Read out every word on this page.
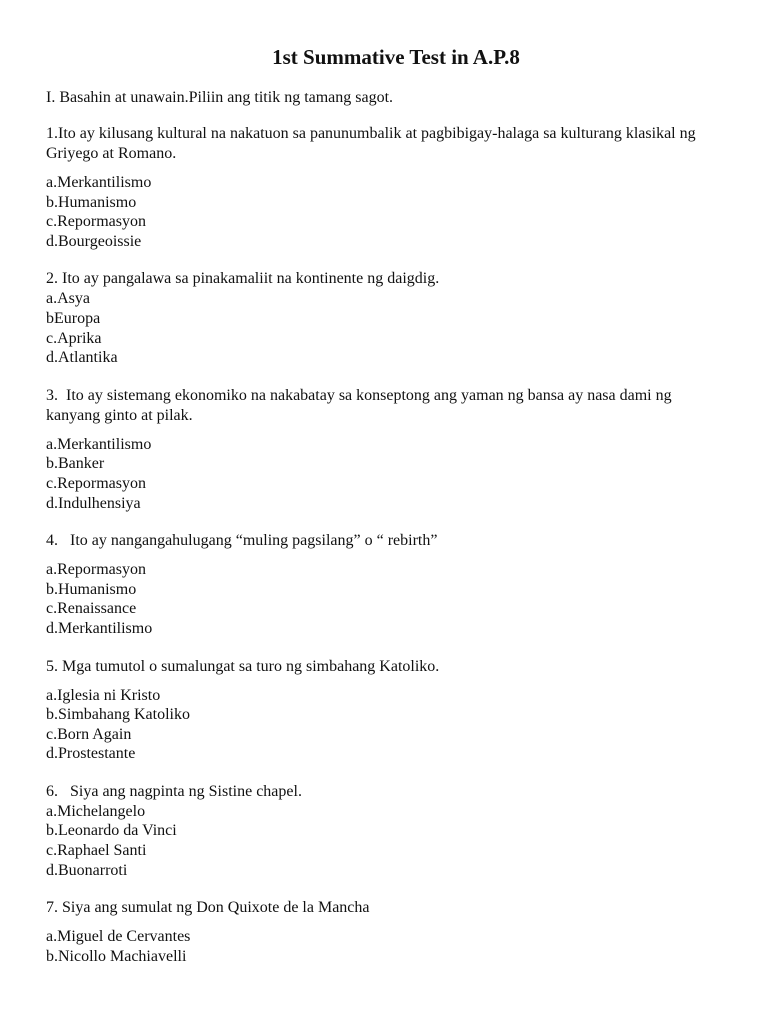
1st Summative Test in A.P.8

I. Basahin at unawain.Piliin ang titik ng tamang sagot.

1.Ito ay kilusang kultural na nakatuon sa panunumbalik at pagbibigay-halaga sa kulturang klasikal ng Griyego at Romano.

a.Merkantilismo
b.Humanismo
c.Repormasyon
d.Bourgeoissie

2. Ito ay pangalawa sa pinakamaliit na kontinente ng daigdig.

a.Asya
bEuropa
c.Aprika
d.Atlantika

3.  Ito ay sistemang ekonomiko na nakabatay sa konseptong ang yaman ng bansa ay nasa dami ng kanyang ginto at pilak.

a.Merkantilismo
b.Banker
c.Repormasyon
d.Indulhensiya

4.   Ito ay nangangahulugang “muling pagsilang” o “ rebirth”

a.Repormasyon
b.Humanismo
c.Renaissance
d.Merkantilismo

5. Mga tumutol o sumalungat sa turo ng simbahang Katoliko.

a.Iglesia ni Kristo
b.Simbahang Katoliko
c.Born Again
d.Prostestante

6.   Siya ang nagpinta ng Sistine chapel.

a.Michelangelo
b.Leonardo da Vinci
c.Raphael Santi
d.Buonarroti

7. Siya ang sumulat ng Don Quixote de la Mancha

a.Miguel de Cervantes
b.Nicollo Machiavelli
